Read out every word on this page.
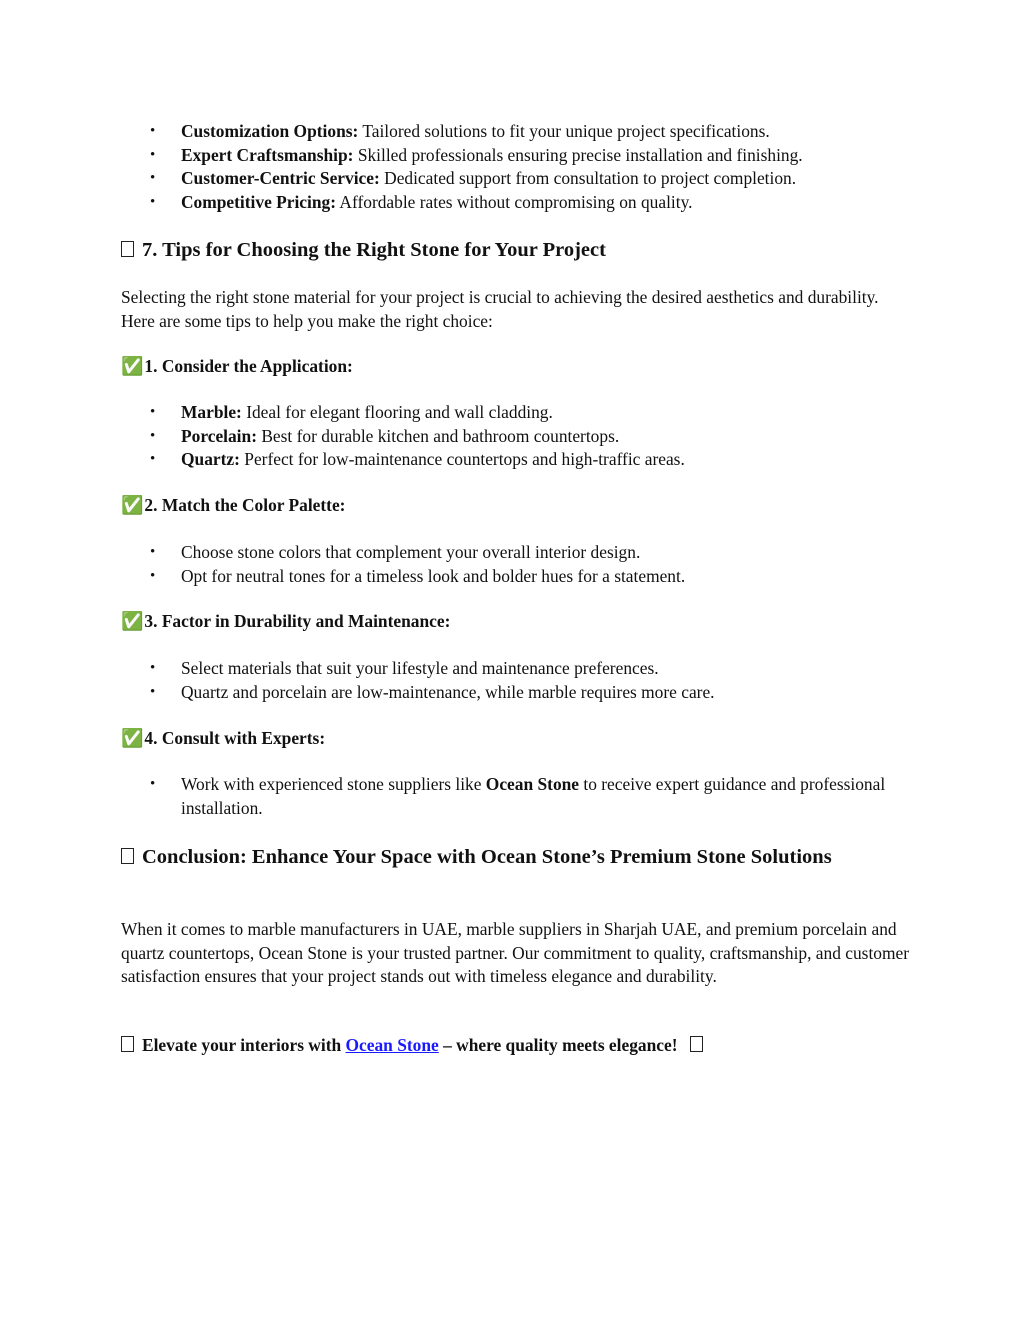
• Customization Options: Tailored solutions to fit your unique project specifications.
• Expert Craftsmanship: Skilled professionals ensuring precise installation and finishing.
• Customer-Centric Service: Dedicated support from consultation to project completion.
• Competitive Pricing: Affordable rates without compromising on quality.
7. Tips for Choosing the Right Stone for Your Project
Selecting the right stone material for your project is crucial to achieving the desired aesthetics and durability. Here are some tips to help you make the right choice:
✅1. Consider the Application:
• Marble: Ideal for elegant flooring and wall cladding.
• Porcelain: Best for durable kitchen and bathroom countertops.
• Quartz: Perfect for low-maintenance countertops and high-traffic areas.
✅2. Match the Color Palette:
• Choose stone colors that complement your overall interior design.
• Opt for neutral tones for a timeless look and bolder hues for a statement.
✅3. Factor in Durability and Maintenance:
• Select materials that suit your lifestyle and maintenance preferences.
• Quartz and porcelain are low-maintenance, while marble requires more care.
✅4. Consult with Experts:
• Work with experienced stone suppliers like Ocean Stone to receive expert guidance and professional installation.
Conclusion: Enhance Your Space with Ocean Stone’s Premium Stone Solutions
When it comes to marble manufacturers in UAE, marble suppliers in Sharjah UAE, and premium porcelain and quartz countertops, Ocean Stone is your trusted partner. Our commitment to quality, craftsmanship, and customer satisfaction ensures that your project stands out with timeless elegance and durability.
Elevate your interiors with Ocean Stone – where quality meets elegance!
